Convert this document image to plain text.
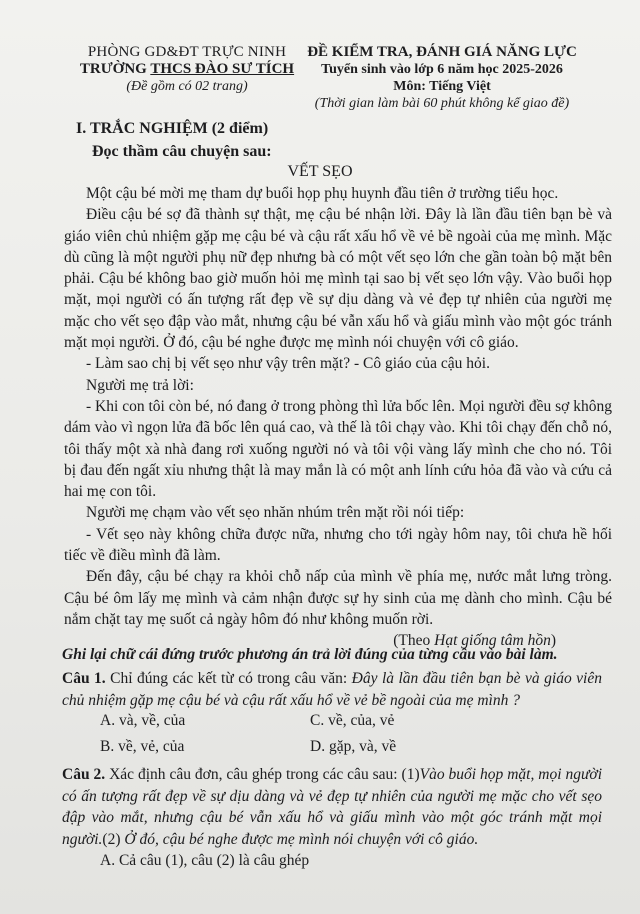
PHÒNG GD&ĐT TRỰC NINH
TRƯỜNG THCS ĐÀO SƯ TÍCH
(Đề gồm có 02 trang)
ĐỀ KIỂM TRA, ĐÁNH GIÁ NĂNG LỰC
Tuyển sinh vào lớp 6 năm học 2025-2026
Môn: Tiếng Việt
(Thời gian làm bài 60 phút không kể giao đề)
I. TRẮC NGHIỆM (2 điểm)
Đọc thầm câu chuyện sau:
VẾT SẸO

Một cậu bé mời mẹ tham dự buổi họp phụ huynh đầu tiên ở trường tiểu học.

Điều cậu bé sợ đã thành sự thật, mẹ cậu bé nhận lời. Đây là lần đầu tiên bạn bè và giáo viên chủ nhiệm gặp mẹ cậu bé và cậu rất xấu hổ về vẻ bề ngoài của mẹ mình. Mặc dù cũng là một người phụ nữ đẹp nhưng bà có một vết sẹo lớn che gần toàn bộ mặt bên phải. Cậu bé không bao giờ muốn hỏi mẹ mình tại sao bị vết sẹo lớn vậy. Vào buổi họp mặt, mọi người có ấn tượng rất đẹp về sự dịu dàng và vẻ đẹp tự nhiên của người mẹ mặc cho vết sẹo đập vào mắt, nhưng cậu bé vẫn xấu hổ và giấu mình vào một góc tránh mặt mọi người. Ở đó, cậu bé nghe được mẹ mình nói chuyện với cô giáo.

- Làm sao chị bị vết sẹo như vậy trên mặt? - Cô giáo của cậu hỏi.

Người mẹ trả lời:

- Khi con tôi còn bé, nó đang ở trong phòng thì lửa bốc lên. Mọi người đều sợ không dám vào vì ngọn lửa đã bốc lên quá cao, và thế là tôi chạy vào. Khi tôi chạy đến chỗ nó, tôi thấy một xà nhà đang rơi xuống người nó và tôi vội vàng lấy mình che cho nó. Tôi bị đau đến ngất xỉu nhưng thật là may mắn là có một anh lính cứu hỏa đã vào và cứu cả hai mẹ con tôi.

Người mẹ chạm vào vết sẹo nhăn nhúm trên mặt rồi nói tiếp:

- Vết sẹo này không chữa được nữa, nhưng cho tới ngày hôm nay, tôi chưa hề hối tiếc về điều mình đã làm.

Đến đây, cậu bé chạy ra khỏi chỗ nấp của mình về phía mẹ, nước mắt lưng tròng. Cậu bé ôm lấy mẹ mình và cảm nhận được sự hy sinh của mẹ dành cho mình. Cậu bé nắm chặt tay mẹ suốt cả ngày hôm đó như không muốn rời.

(Theo Hạt giống tâm hồn)

Ghi lại chữ cái đứng trước phương án trả lời đúng của từng câu vào bài làm.
Câu 1. Chỉ đúng các kết từ có trong câu văn: Đây là lần đầu tiên bạn bè và giáo viên chủ nhiệm gặp mẹ cậu bé và cậu rất xấu hổ về vẻ bề ngoài của mẹ mình ?
A. và, về, của	C. về, của, vẻ
B. về, vẻ, của	D. gặp, và, về
Câu 2. Xác định câu đơn, câu ghép trong các câu sau: (1)Vào buổi họp mặt, mọi người có ấn tượng rất đẹp về sự dịu dàng và vẻ đẹp tự nhiên của người mẹ mặc cho vết sẹo đập vào mắt, nhưng cậu bé vẫn xấu hổ và giấu mình vào một góc tránh mặt mọi người.(2) Ở đó, cậu bé nghe được mẹ mình nói chuyện với cô giáo.
A. Cả câu (1), câu (2) là câu ghép
